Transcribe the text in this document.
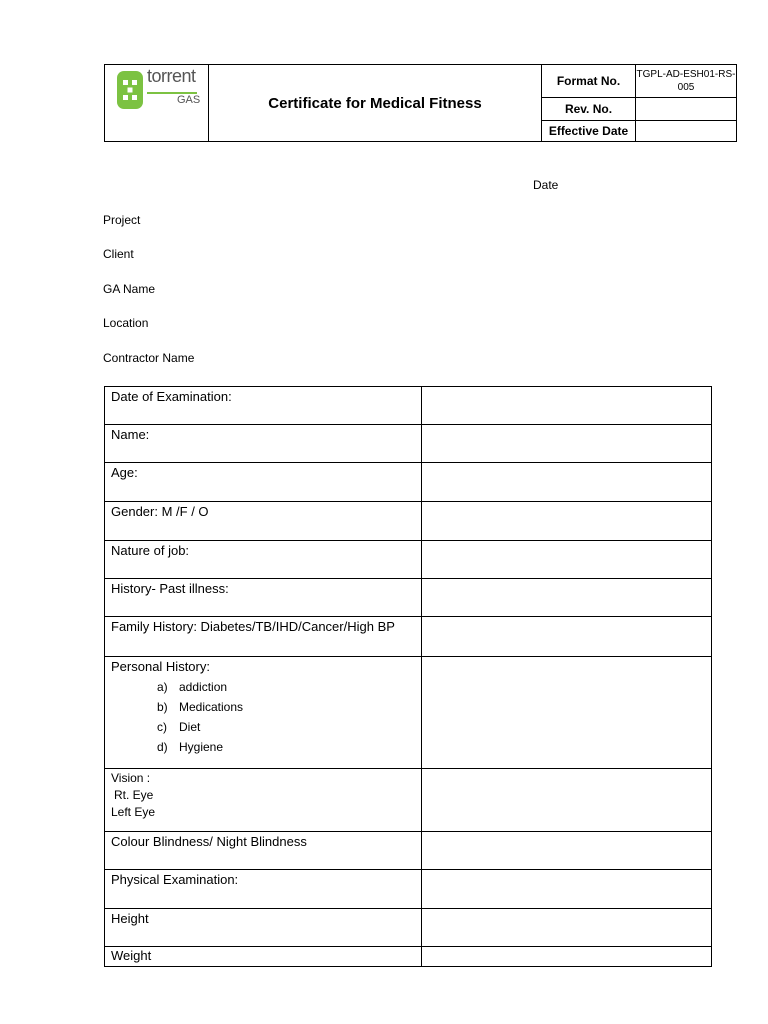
torrent
GAS	Certificate for Medical Fitness
Format No.	TGPL-AD-ESH01-RS-005
Rev. No.
Effective Date
Date
Project
Client
GA Name
Location
Contractor Name
Date of Examination:
Name:
Age:
Gender: M /F / O
Nature of job:
History- Past illness:
Family History: Diabetes/TB/IHD/Cancer/High BP
Personal History:
a) addiction
b) Medications
c) Diet
d) Hygiene
Vision :
Rt. Eye
Left Eye
Colour Blindness/ Night Blindness
Physical Examination:
Height
Weight
